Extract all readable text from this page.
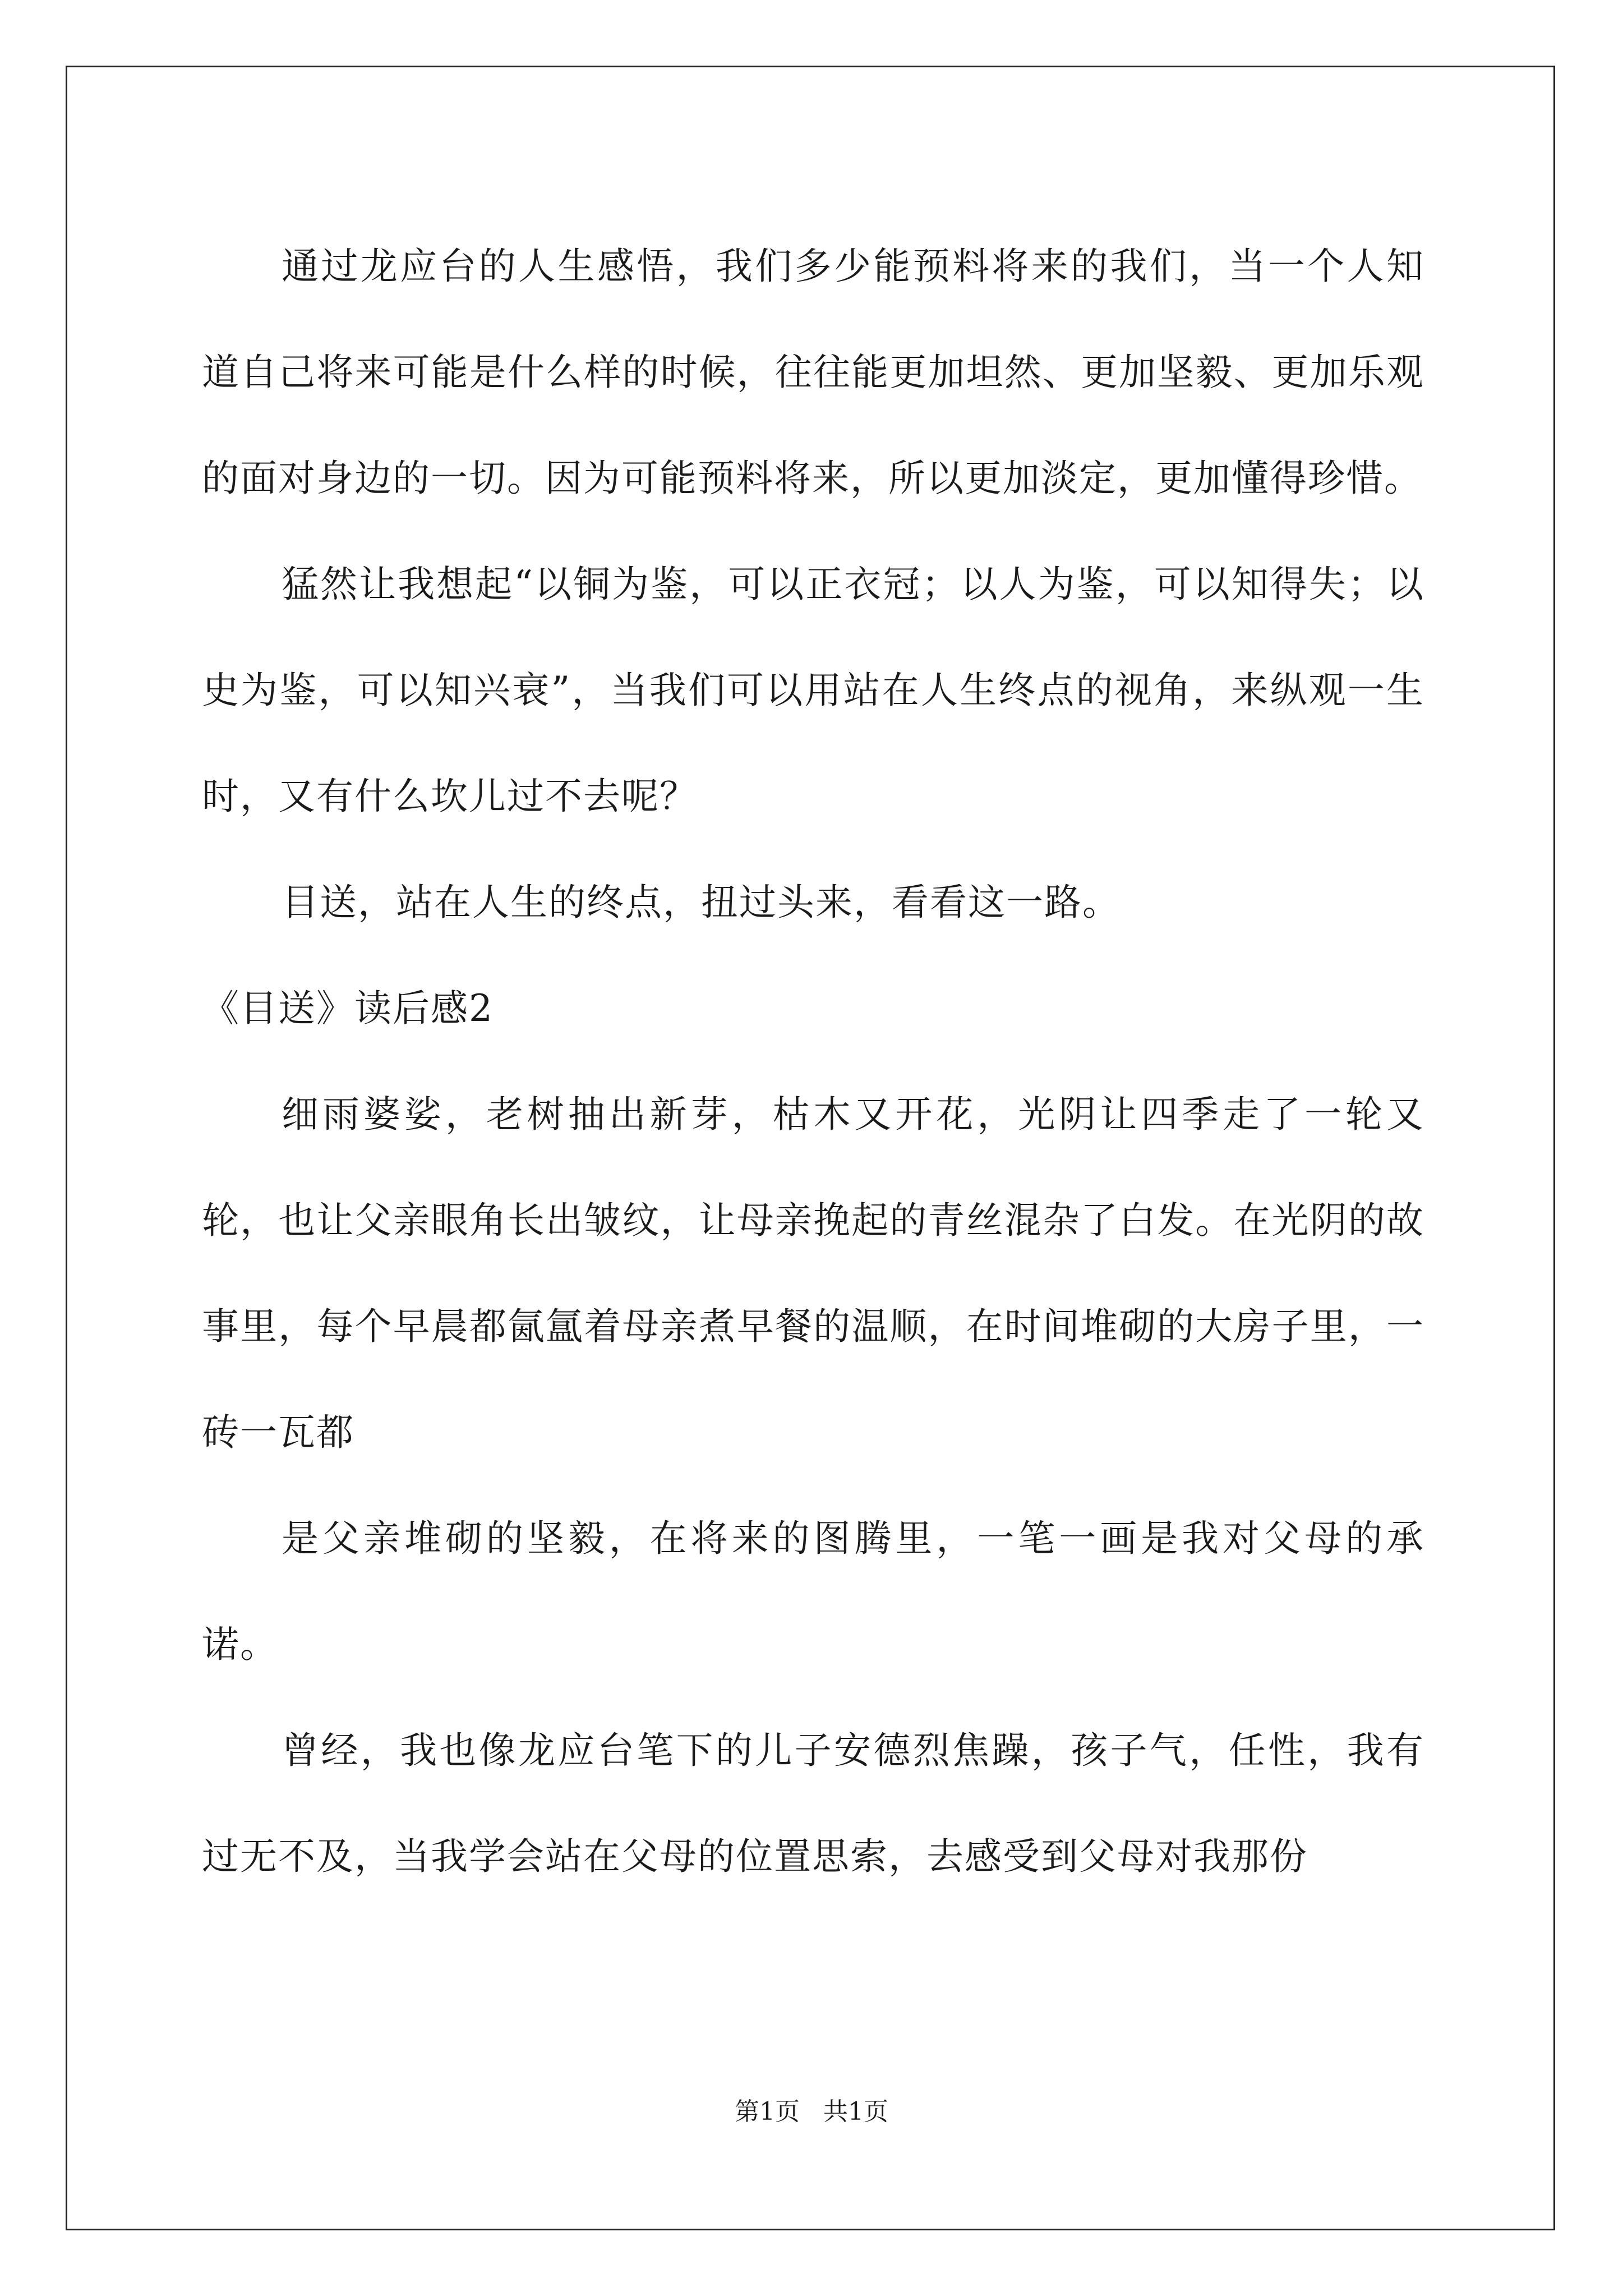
通过龙应台的人生感悟，我们多少能预料将来的我们，当一个人知道自己将来可能是什么样的时候，往往能更加坦然、更加坚毅、更加乐观的面对身边的一切。因为可能预料将来，所以更加淡定，更加懂得珍惜。

猛然让我想起“以铜为鉴，可以正衣冠；以人为鉴，可以知得失；以史为鉴，可以知兴衰”，当我们可以用站在人生终点的视角，来纵观一生时，又有什么坎儿过不去呢？

目送，站在人生的终点，扭过头来，看看这一路。

《目送》读后感2

细雨婆娑，老树抽出新芽，枯木又开花，光阴让四季走了一轮又轮，也让父亲眼角长出皱纹，让母亲挽起的青丝混杂了白发。在光阴的故事里，每个早晨都氤氲着母亲煮早餐的温顺，在时间堆砌的大房子里，一砖一瓦都

是父亲堆砌的坚毅，在将来的图腾里，一笔一画是我对父母的承诺。

曾经，我也像龙应台笔下的儿子安德烈焦躁，孩子气，任性，我有过无不及，当我学会站在父母的位置思索，去感受到父母对我那份

第1页 共1页
